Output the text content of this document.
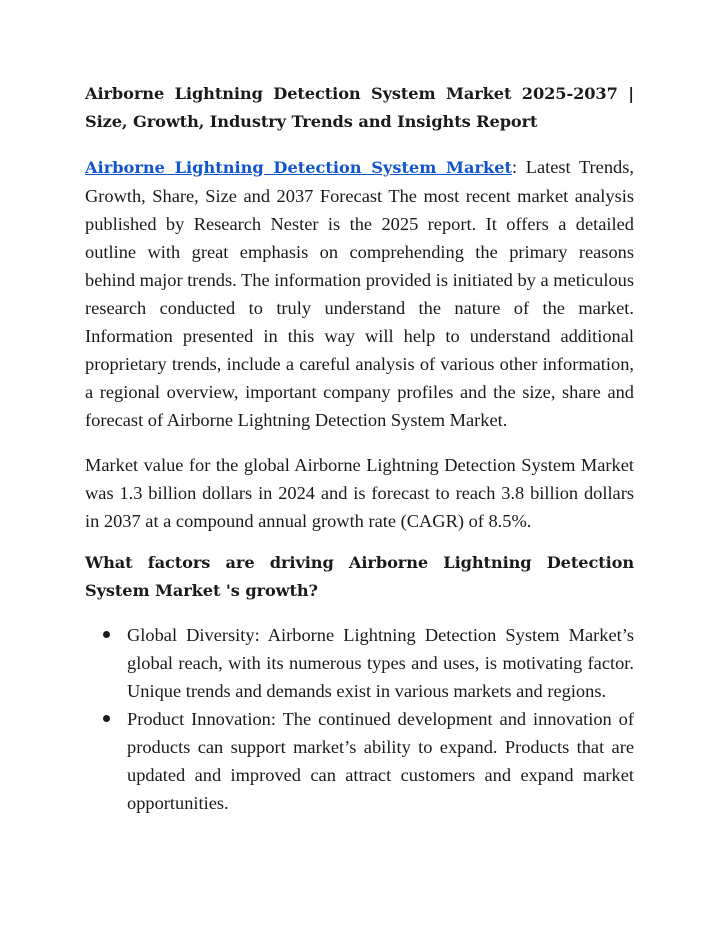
Airborne Lightning Detection System Market 2025-2037 | Size, Growth, Industry Trends and Insights Report

Airborne Lightning Detection System Market: Latest Trends, Growth, Share, Size and 2037 Forecast The most recent market analysis published by Research Nester is the 2025 report. It offers a detailed outline with great emphasis on comprehending the primary reasons behind major trends. The information provided is initiated by a meticulous research conducted to truly understand the nature of the market. Information presented in this way will help to understand additional proprietary trends, include a careful analysis of various other information, a regional overview, important company profiles and the size, share and forecast of Airborne Lightning Detection System Market.

Market value for the global Airborne Lightning Detection System Market was 1.3 billion dollars in 2024 and is forecast to reach 3.8 billion dollars in 2037 at a compound annual growth rate (CAGR) of 8.5%.

What factors are driving Airborne Lightning Detection System Market 's growth?
Global Diversity: Airborne Lightning Detection System Market’s global reach, with its numerous types and uses, is motivating factor. Unique trends and demands exist in various markets and regions.
Product Innovation: The continued development and innovation of products can support market’s ability to expand. Products that are updated and improved can attract customers and expand market opportunities.
